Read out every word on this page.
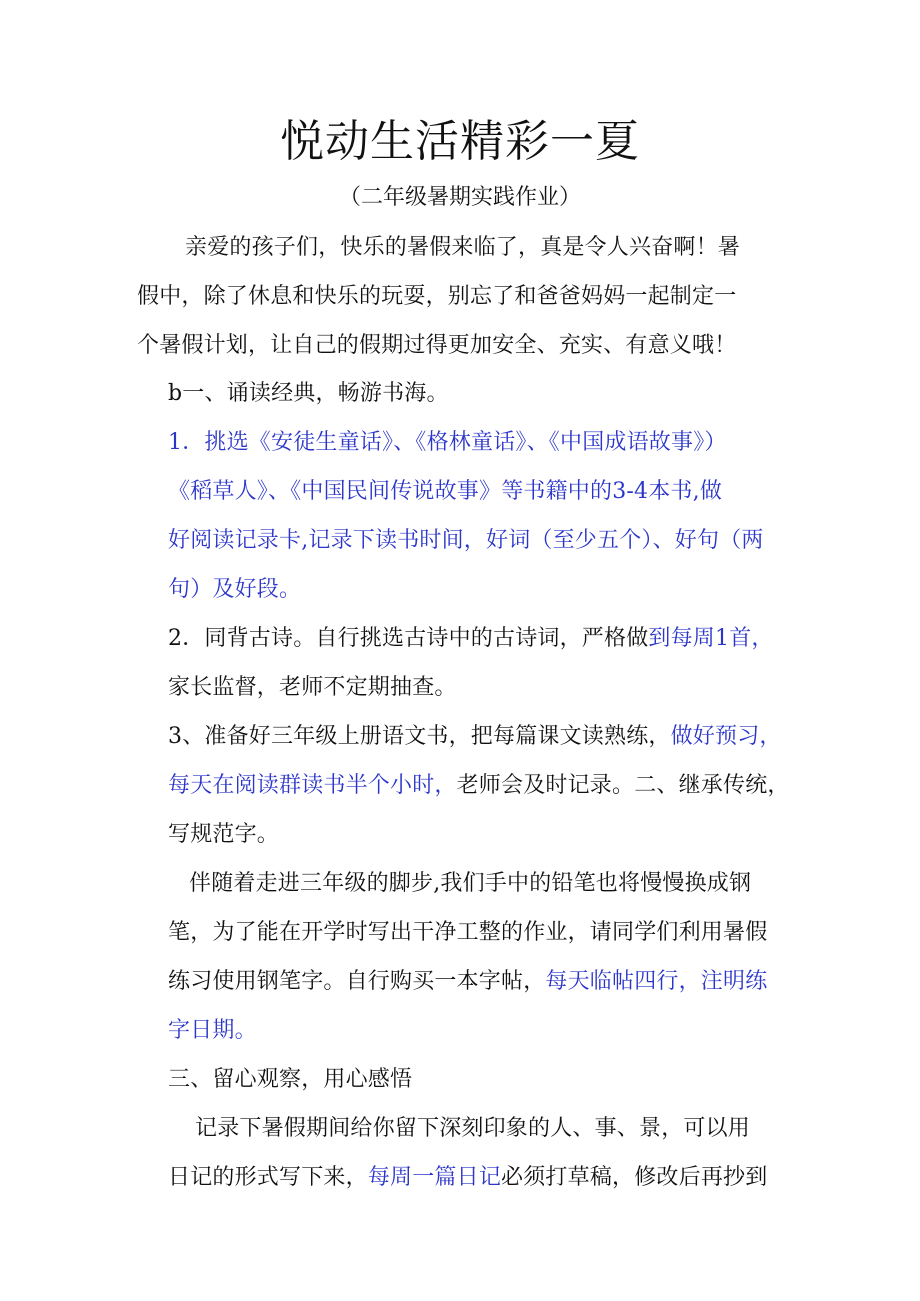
悦动生活精彩一夏
（二年级暑期实践作业）
亲爱的孩子们，快乐的暑假来临了，真是令人兴奋啊！暑
假中，除了休息和快乐的玩耍，别忘了和爸爸妈妈一起制定一
个暑假计划，让自己的假期过得更加安全、充实、有意义哦！
b一、诵读经典，畅游书海。
1．挑选《安徒生童话》、《格林童话》、《中国成语故事》）
《稻草人》、《中国民间传说故事》等书籍中的3-4本书,做
好阅读记录卡,记录下读书时间，好词（至少五个）、好句（两
句）及好段。
2．同背古诗。自行挑选古诗中的古诗词，严格做到每周1首，
家长监督，老师不定期抽查。
3、准备好三年级上册语文书，把每篇课文读熟练，做好预习，
每天在阅读群读书半个小时，老师会及时记录。二、继承传统，
写规范字。
伴随着走进三年级的脚步,我们手中的铅笔也将慢慢换成钢
笔，为了能在开学时写出干净工整的作业，请同学们利用暑假
练习使用钢笔字。自行购买一本字帖，每天临帖四行，注明练
字日期。
三、留心观察，用心感悟
记录下暑假期间给你留下深刻印象的人、事、景，可以用
日记的形式写下来，每周一篇日记必须打草稿，修改后再抄到
